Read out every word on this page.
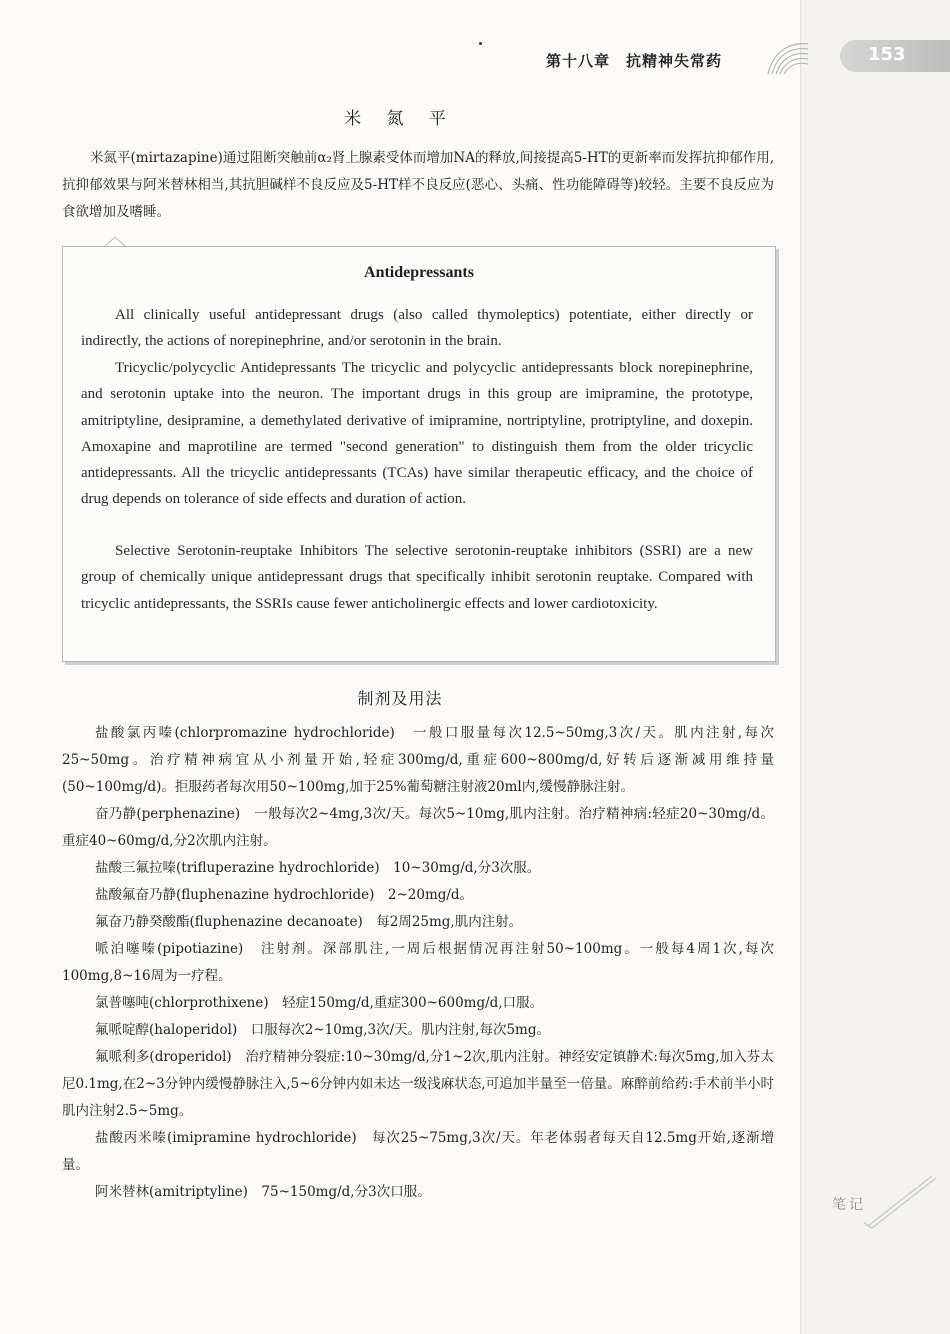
第十八章　抗精神失常药	153
米 氮 平
米氮平(mirtazapine)通过阻断突触前α₂肾上腺素受体而增加NA的释放,间接提高5-HT的更新率而发挥抗抑郁作用,抗抑郁效果与阿米替林相当,其抗胆碱样不良反应及5-HT样不良反应(恶心、头痛、性功能障碍等)较轻。主要不良反应为食欲增加及嗜睡。
Antidepressants
All clinically useful antidepressant drugs (also called thymoleptics) potentiate, either directly or indirectly, the actions of norepinephrine, and/or serotonin in the brain.
Tricyclic/polycyclic Antidepressants The tricyclic and polycyclic antidepressants block norepinephrine, and serotonin uptake into the neuron. The important drugs in this group are imipramine, the prototype, amitriptyline, desipramine, a demethylated derivative of imipramine, nortriptyline, protriptyline, and doxepin. Amoxapine and maprotiline are termed "second generation" to distinguish them from the older tricyclic antidepressants. All the tricyclic antidepressants (TCAs) have similar therapeutic efficacy, and the choice of drug depends on tolerance of side effects and duration of action.
Selective Serotonin-reuptake Inhibitors The selective serotonin-reuptake inhibitors (SSRI) are a new group of chemically unique antidepressant drugs that specifically inhibit serotonin reuptake. Compared with tricyclic antidepressants, the SSRIs cause fewer anticholinergic effects and lower cardiotoxicity.
制剂及用法
盐酸氯丙嗪(chlorpromazine hydrochloride)　一般口服量每次12.5~50mg,3次/天。肌内注射,每次25~50mg。治疗精神病宜从小剂量开始,轻症300mg/d,重症600~800mg/d,好转后逐渐减用维持量(50~100mg/d)。拒服药者每次用50~100mg,加于25%葡萄糖注射液20ml内,缓慢静脉注射。
奋乃静(perphenazine)　一般每次2~4mg,3次/天。每次5~10mg,肌内注射。治疗精神病:轻症20~30mg/d。重症40~60mg/d,分2次肌内注射。
盐酸三氟拉嗪(trifluperazine hydrochloride)　10~30mg/d,分3次服。
盐酸氟奋乃静(fluphenazine hydrochloride)　2~20mg/d。
氟奋乃静癸酸酯(fluphenazine decanoate)　每2周25mg,肌内注射。
哌泊噻嗪(pipotiazine)　注射剂。深部肌注,一周后根据情况再注射50~100mg。一般每4周1次,每次100mg,8~16周为一疗程。
氯普噻吨(chlorprothixene)　轻症150mg/d,重症300~600mg/d,口服。
氟哌啶醇(haloperidol)　口服每次2~10mg,3次/天。肌内注射,每次5mg。
氟哌利多(droperidol)　治疗精神分裂症:10~30mg/d,分1~2次,肌内注射。神经安定镇静术:每次5mg,加入芬太尼0.1mg,在2~3分钟内缓慢静脉注入,5~6分钟内如未达一级浅麻状态,可追加半量至一倍量。麻醉前给药:手术前半小时肌内注射2.5~5mg。
盐酸丙米嗪(imipramine hydrochloride)　每次25~75mg,3次/天。年老体弱者每天自12.5mg开始,逐渐增量。
阿米替林(amitriptyline)　75~150mg/d,分3次口服。
笔记
